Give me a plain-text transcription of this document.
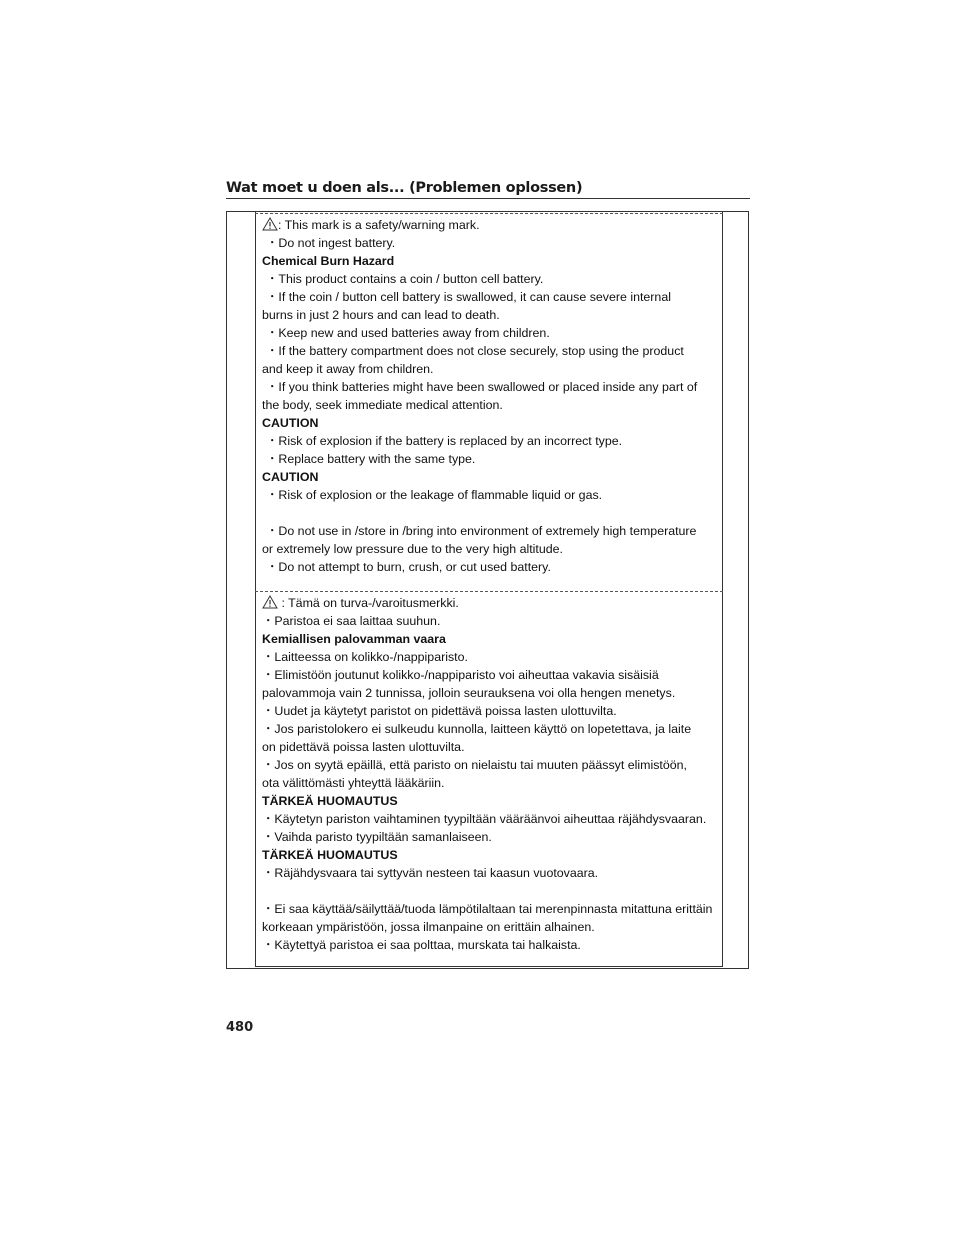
Wat moet u doen als... (Problemen oplossen)
: This mark is a safety/warning mark.
・Do not ingest battery.
Chemical Burn Hazard
・This product contains a coin / button cell battery.
・If the coin / button cell battery is swallowed, it can cause severe internal
burns in just 2 hours and can lead to death.
・Keep new and used batteries away from children.
・If the battery compartment does not close securely, stop using the product
and keep it away from children.
・If you think batteries might have been swallowed or placed inside any part of
the body, seek immediate medical attention.
CAUTION
・Risk of explosion if the battery is replaced by an incorrect type.
・Replace battery with the same type.
CAUTION
・Risk of explosion or the leakage of flammable liquid or gas.
・Do not use in /store in /bring into environment of extremely high temperature
or extremely low pressure due to the very high altitude.
・Do not attempt to burn, crush, or cut used battery.
: Tämä on turva-/varoitusmerkki.
・Paristoa ei saa laittaa suuhun.
Kemiallisen palovamman vaara
・Laitteessa on kolikko-/nappiparisto.
・Elimistöön joutunut kolikko-/nappiparisto voi aiheuttaa vakavia sisäisiä
palovammoja vain 2 tunnissa, jolloin seurauksena voi olla hengen menetys.
・Uudet ja käytetyt paristot on pidettävä poissa lasten ulottuvilta.
・Jos paristolokero ei sulkeudu kunnolla, laitteen käyttö on lopetettava, ja laite
on pidettävä poissa lasten ulottuvilta.
・Jos on syytä epäillä, että paristo on nielaistu tai muuten päässyt elimistöön,
ota välittömästi yhteyttä lääkäriin.
TÄRKEÄ HUOMAUTUS
・Käytetyn pariston vaihtaminen tyypiltään vääräänvoi aiheuttaa räjähdysvaaran.
・Vaihda paristo tyypiltään samanlaiseen.
TÄRKEÄ HUOMAUTUS
・Räjähdysvaara tai syttyvän nesteen tai kaasun vuotovaara.
・Ei saa käyttää/säilyttää/tuoda lämpötilaltaan tai merenpinnasta mitattuna erittäin
korkeaan ympäristöön, jossa ilmanpaine on erittäin alhainen.
・Käytettyä paristoa ei saa polttaa, murskata tai halkaista.
480
